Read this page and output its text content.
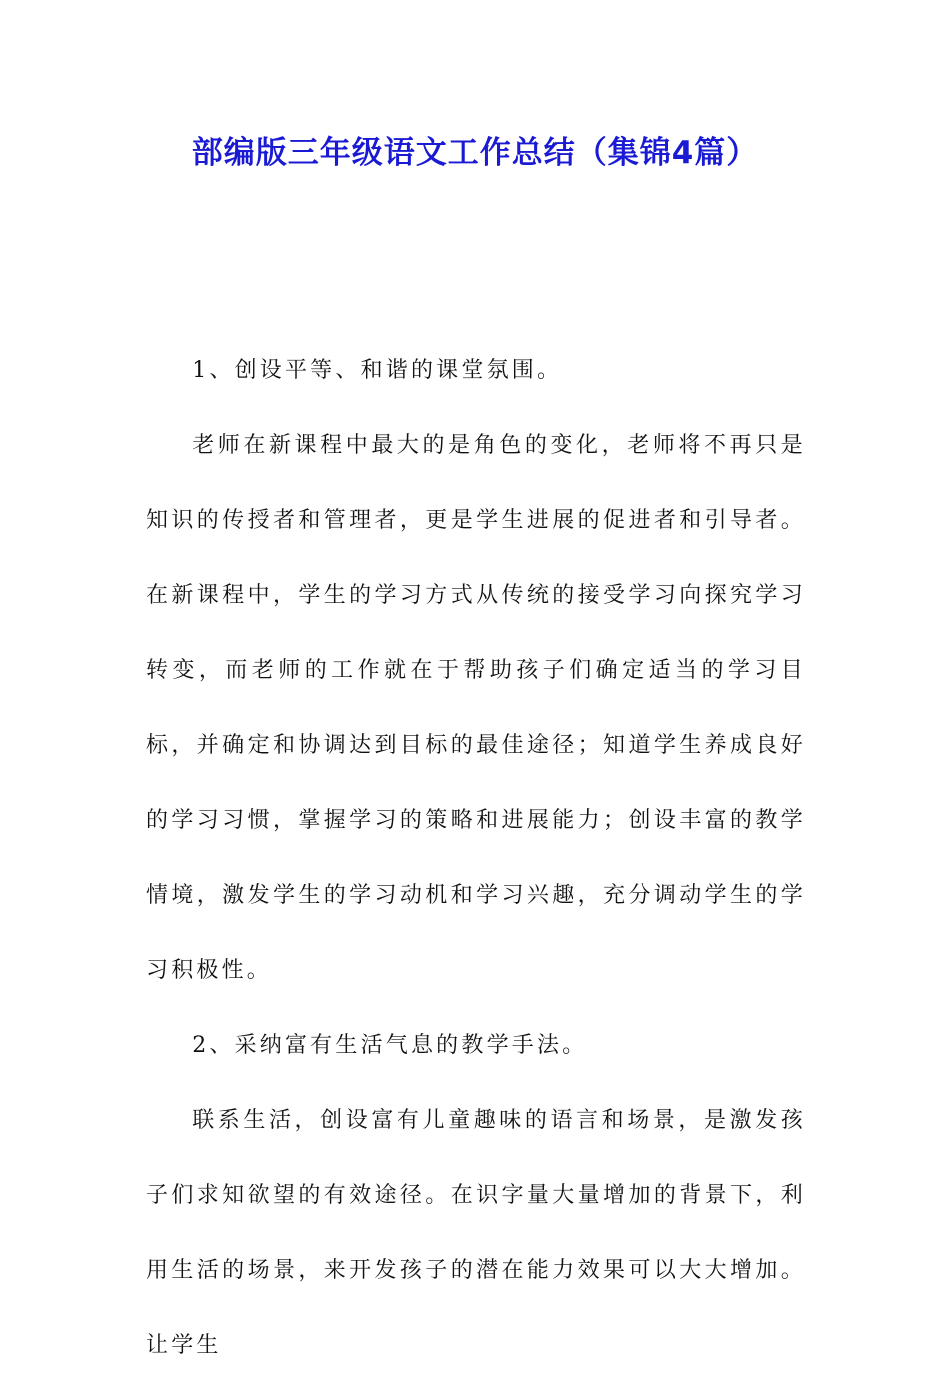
部编版三年级语文工作总结（集锦4篇）

1、创设平等、和谐的课堂氛围。

老师在新课程中最大的是角色的变化，老师将不再只是知识的传授者和管理者，更是学生进展的促进者和引导者。在新课程中，学生的学习方式从传统的接受学习向探究学习转变，而老师的工作就在于帮助孩子们确定适当的学习目标，并确定和协调达到目标的最佳途径；知道学生养成良好的学习习惯，掌握学习的策略和进展能力；创设丰富的教学情境，激发学生的学习动机和学习兴趣，充分调动学生的学习积极性。

2、采纳富有生活气息的教学手法。

联系生活，创设富有儿童趣味的语言和场景，是激发孩子们求知欲望的有效途径。在识字量大量增加的背景下，利用生活的场景，来开发孩子的潜在能力效果可以大大增加。让学生
